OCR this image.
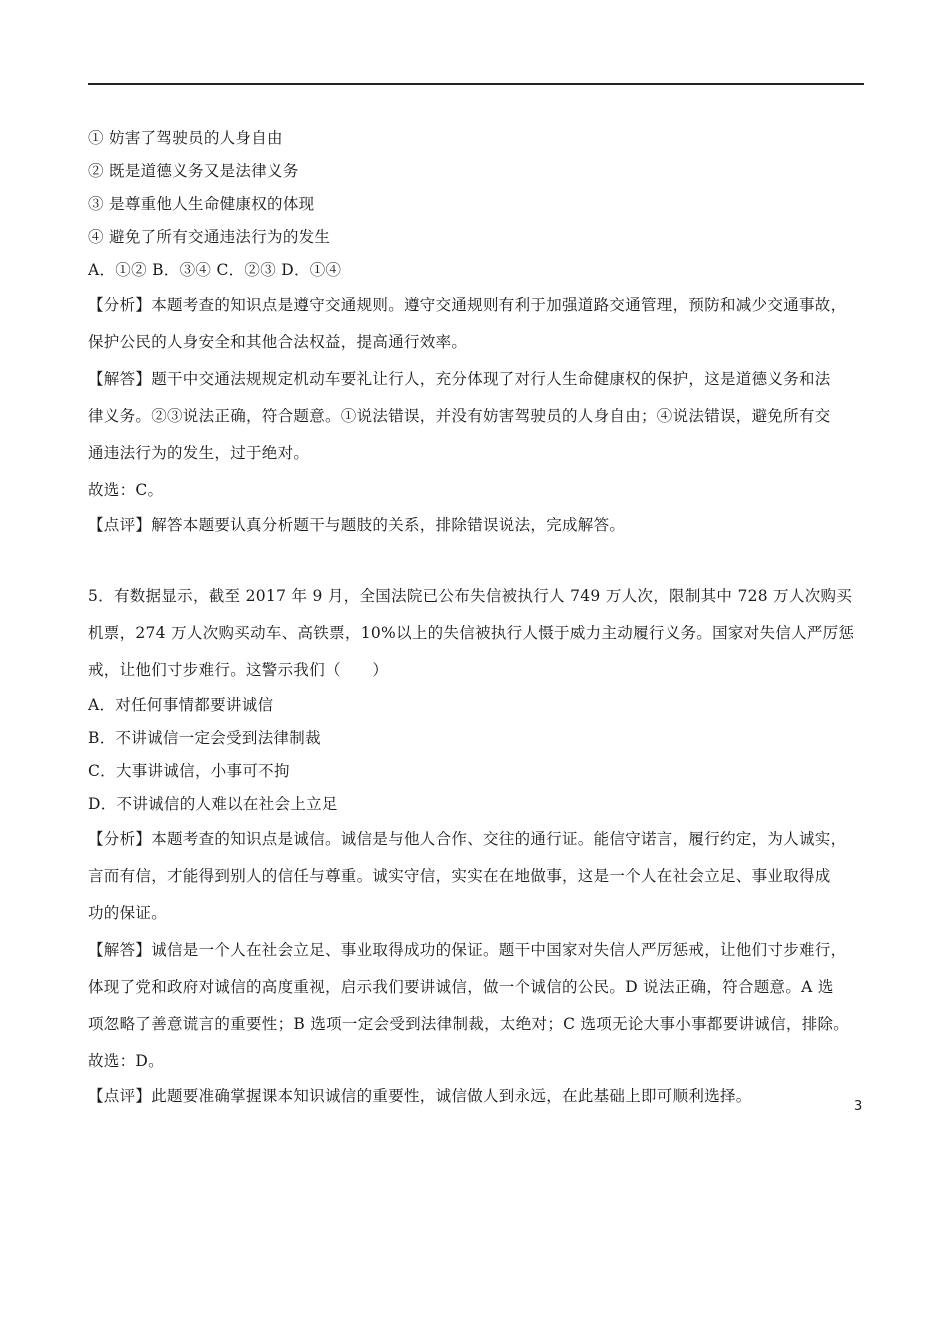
① 妨害了驾驶员的人身自由
② 既是道德义务又是法律义务
③ 是尊重他人生命健康权的体现
④ 避免了所有交通违法行为的发生
A．①② B．③④ C．②③ D．①④
【分析】本题考查的知识点是遵守交通规则。遵守交通规则有利于加强道路交通管理，预防和减少交通事故，
保护公民的人身安全和其他合法权益，提高通行效率。
【解答】题干中交通法规规定机动车要礼让行人，充分体现了对行人生命健康权的保护，这是道德义务和法
律义务。②③说法正确，符合题意。①说法错误，并没有妨害驾驶员的人身自由；④说法错误，避免所有交
通违法行为的发生，过于绝对。
故选：C。
【点评】解答本题要认真分析题干与题肢的关系，排除错误说法，完成解答。
5．有数据显示，截至 2017 年 9 月，全国法院已公布失信被执行人 749 万人次，限制其中 728 万人次购买
机票，274 万人次购买动车、高铁票，10%以上的失信被执行人慑于威力主动履行义务。国家对失信人严厉惩
戒，让他们寸步难行。这警示我们（　　）
A．对任何事情都要讲诚信
B．不讲诚信一定会受到法律制裁
C．大事讲诚信，小事可不拘
D．不讲诚信的人难以在社会上立足
【分析】本题考查的知识点是诚信。诚信是与他人合作、交往的通行证。能信守诺言，履行约定，为人诚实，
言而有信，才能得到别人的信任与尊重。诚实守信，实实在在地做事，这是一个人在社会立足、事业取得成
功的保证。
【解答】诚信是一个人在社会立足、事业取得成功的保证。题干中国家对失信人严厉惩戒，让他们寸步难行，
体现了党和政府对诚信的高度重视，启示我们要讲诚信，做一个诚信的公民。D 说法正确，符合题意。A 选
项忽略了善意谎言的重要性；B 选项一定会受到法律制裁，太绝对；C 选项无论大事小事都要讲诚信，排除。
故选：D。
【点评】此题要准确掌握课本知识诚信的重要性，诚信做人到永远，在此基础上即可顺利选择。
3
